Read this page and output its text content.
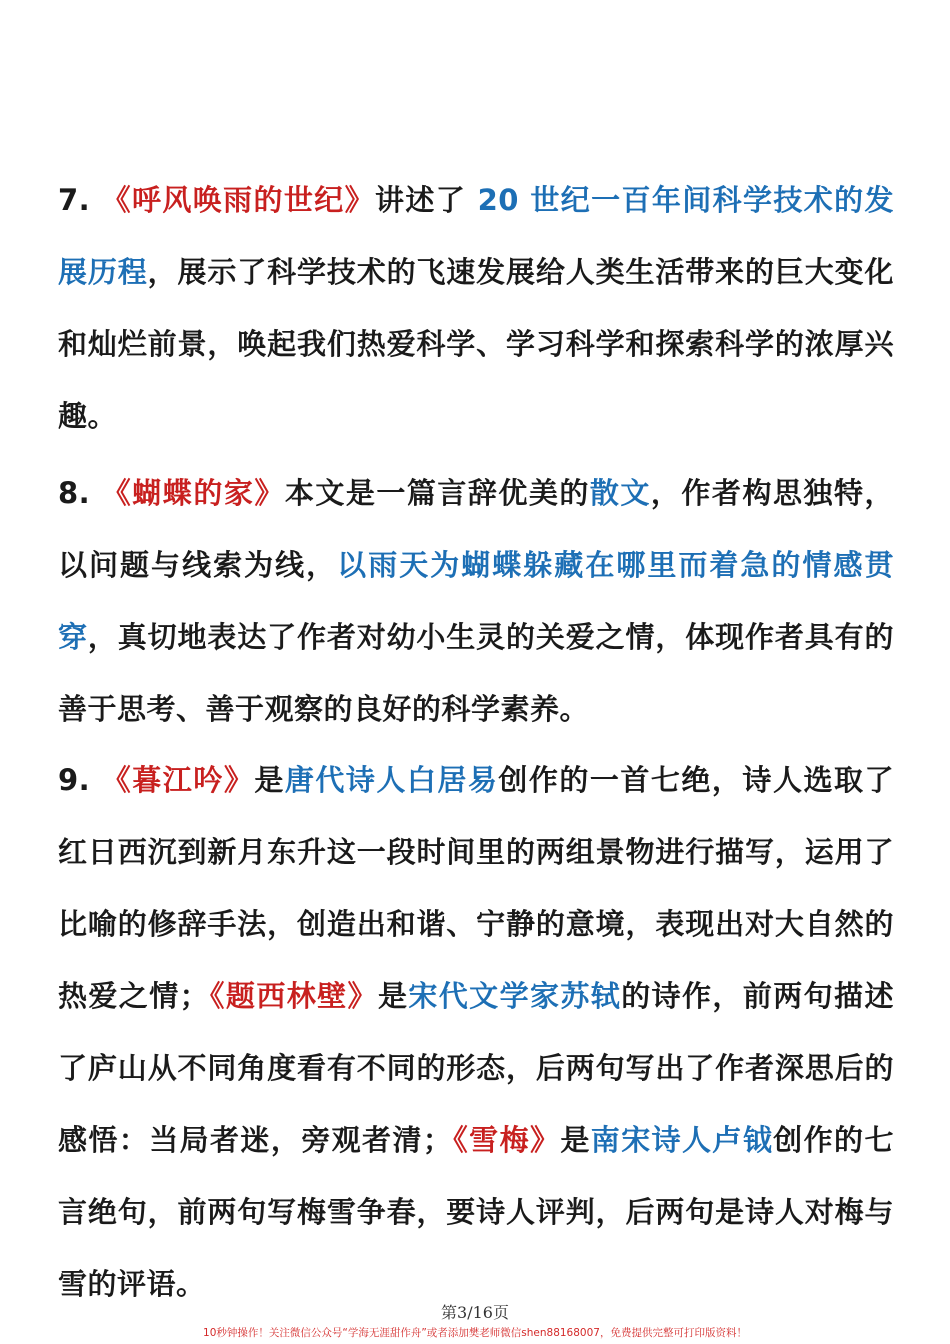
7. 《呼风唤雨的世纪》讲述了 20 世纪一百年间科学技术的发展历程，展示了科学技术的飞速发展给人类生活带来的巨大变化和灿烂前景，唤起我们热爱科学、学习科学和探索科学的浓厚兴趣。
8. 《蝴蝶的家》本文是一篇言辞优美的散文，作者构思独特，以问题与线索为线，以雨天为蝴蝶躲藏在哪里而着急的情感贯穿，真切地表达了作者对幼小生灵的关爱之情，体现作者具有的善于思考、善于观察的良好的科学素养。
9. 《暮江吟》是唐代诗人白居易创作的一首七绝，诗人选取了红日西沉到新月东升这一段时间里的两组景物进行描写，运用了比喻的修辞手法，创造出和谐、宁静的意境，表现出对大自然的热爱之情；《题西林壁》是宋代文学家苏轼的诗作，前两句描述了庐山从不同角度看有不同的形态，后两句写出了作者深思后的感悟：当局者迷，旁观者清；《雪梅》是南宋诗人卢钺创作的七言绝句，前两句写梅雪争春，要诗人评判，后两句是诗人对梅与雪的评语。
第3/16页
10秒钟操作！关注微信公众号“学海无涯甜作舟”或者添加樊老师微信shen88168007，免费提供完整可打印版资料！
